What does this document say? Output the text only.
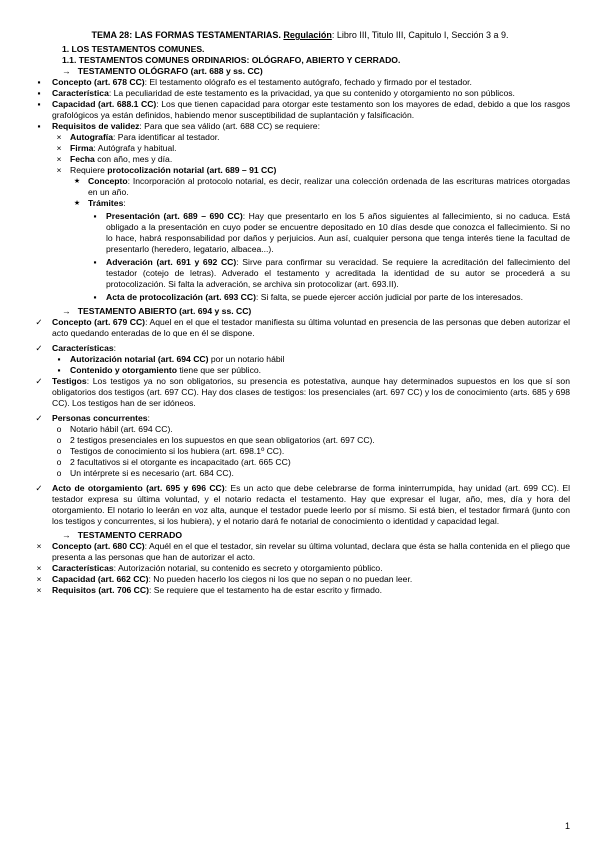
TEMA 28: LAS FORMAS TESTAMENTARIAS. Regulación: Libro III, Titulo III, Capitulo I, Sección 3 a 9.
1. LOS TESTAMENTOS COMUNES.
1.1. TESTAMENTOS COMUNES ORDINARIOS: OLÓGRAFO, ABIERTO Y CERRADO.
→ TESTAMENTO OLÓGRAFO (art. 688 y ss. CC)
▪	Concepto (art. 678 CC): El testamento ológrafo es el testamento autógrafo, fechado y firmado por el testador.
▪	Característica: La peculiaridad de este testamento es la privacidad, ya que su contenido y otorgamiento no son públicos.
▪	Capacidad (art. 688.1 CC): Los que tienen capacidad para otorgar este testamento son los mayores de edad, debido a que los rasgos grafológicos ya están definidos, habiendo menor susceptibilidad de suplantación y falsificación.
▪	Requisitos de validez: Para que sea válido (art. 688 CC) se requiere:
× Autografía: Para identificar al testador.
× Firma: Autógrafa y habitual.
× Fecha con año, mes y día.
× Requiere protocolización notarial (art. 689 – 91 CC)
★ Concepto: Incorporación al protocolo notarial, es decir, realizar una colección ordenada de las escrituras matrices otorgadas en un año.
★ Trámites:
▪	Presentación (art. 689 – 690 CC): Hay que presentarlo en los 5 años siguientes al fallecimiento, si no caduca. Está obligado a la presentación en cuyo poder se encuentre depositado en 10 días desde que conozca el fallecimiento. Si no lo hace, habrá responsabilidad por daños y perjuicios. Aun así, cualquier persona que tenga interés tiene la facultad de presentarlo (heredero, legatario, albacea...).
▪	Adveración (art. 691 y 692 CC): Sirve para confirmar su veracidad. Se requiere la acreditación del fallecimiento del testador (cotejo de letras). Adverado el testamento y acreditada la identidad de su autor se procederá a su protocolización. Si falta la adveración, se archiva sin protocolizar (art. 693.II).
▪	Acta de protocolización (art. 693 CC): Si falta, se puede ejercer acción judicial por parte de los interesados.
→ TESTAMENTO ABIERTO (art. 694 y ss. CC)
✓ Concepto (art. 679 CC): Aquel en el que el testador manifiesta su última voluntad en presencia de las personas que deben autorizar el acto quedando enteradas de lo que en él se dispone.
✓ Características:
▪	Autorización notarial (art. 694 CC) por un notario hábil
▪	Contenido y otorgamiento tiene que ser público.
✓ Testigos: Los testigos ya no son obligatorios, su presencia es potestativa, aunque hay determinados supuestos en los que sí son obligatorios dos testigos (art. 697 CC). Hay dos clases de testigos: los presenciales (art. 697 CC) y los de conocimiento (arts. 685 y 698 CC). Los testigos han de ser idóneos.
✓ Personas concurrentes:
o	Notario hábil (art. 694 CC).
o	2 testigos presenciales en los supuestos en que sean obligatorios (art. 697 CC).
o	Testigos de conocimiento si los hubiera (art. 698.1º CC).
o	2 facultativos si el otorgante es incapacitado (art. 665 CC)
o	Un intérprete si es necesario (art. 684 CC).
✓ Acto de otorgamiento (art. 695 y 696 CC): Es un acto que debe celebrarse de forma ininterrumpida, hay unidad (art. 699 CC). El testador expresa su última voluntad, y el notario redacta el testamento. Hay que expresar el lugar, año, mes, día y hora del otorgamiento. El notario lo leerán en voz alta, aunque el testador puede leerlo por sí mismo. Si está bien, el testador firmará (junto con los testigos y concurrentes, si los hubiera), y el notario dará fe notarial de conocimiento o identidad y capacidad legal.
→ TESTAMENTO CERRADO
× Concepto (art. 680 CC): Aquél en el que el testador, sin revelar su última voluntad, declara que ésta se halla contenida en el pliego que presenta a las personas que han de autorizar el acto.
× Características: Autorización notarial, su contenido es secreto y otorgamiento público.
× Capacidad (art. 662 CC): No pueden hacerlo los ciegos ni los que no sepan o no puedan leer.
× Requisitos (art. 706 CC): Se requiere que el testamento ha de estar escrito y firmado.
1
